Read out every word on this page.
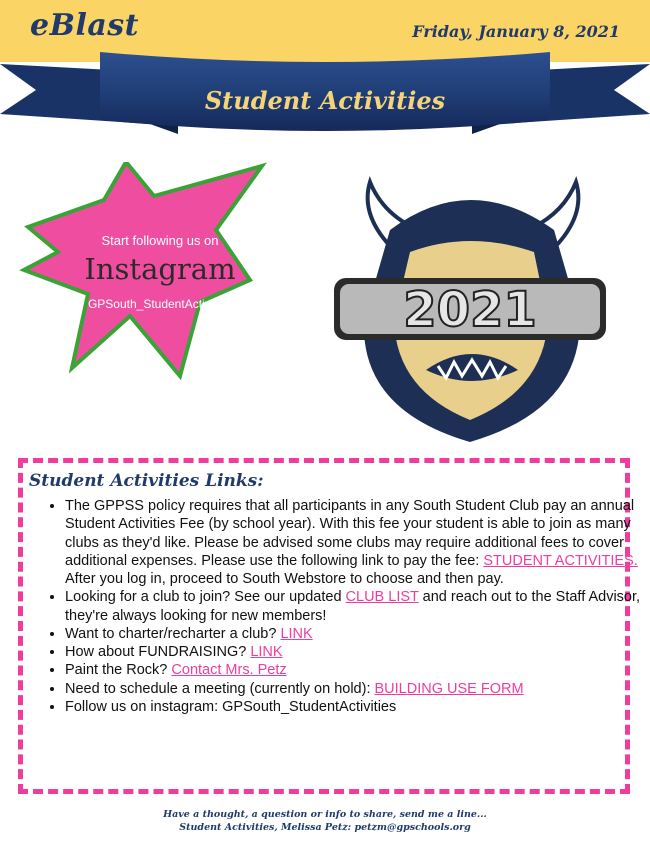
eBlast	Friday, January 8, 2021
Student Activities
Start following us on
Instagram
GPSouth_StudentActivities	2021
Student Activities Links:
• The GPPSS policy requires that all participants in any South Student Club pay an annual Student Activities Fee (by school year). With this fee your student is able to join as many clubs as they'd like. Please be advised some clubs may require additional fees to cover additional expenses. Please use the following link to pay the fee: STUDENT ACTIVITIES. After you log in, proceed to South Webstore to choose and then pay.
• Looking for a club to join? See our updated CLUB LIST and reach out to the Staff Advisor, they're always looking for new members!
• Want to charter/recharter a club? LINK
• How about FUNDRAISING? LINK
• Paint the Rock? Contact Mrs. Petz
• Need to schedule a meeting (currently on hold): BUILDING USE FORM
• Follow us on instagram: GPSouth_StudentActivities
Have a thought, a question or info to share, send me a line...
Student Activities, Melissa Petz: petzm@gpschools.org
